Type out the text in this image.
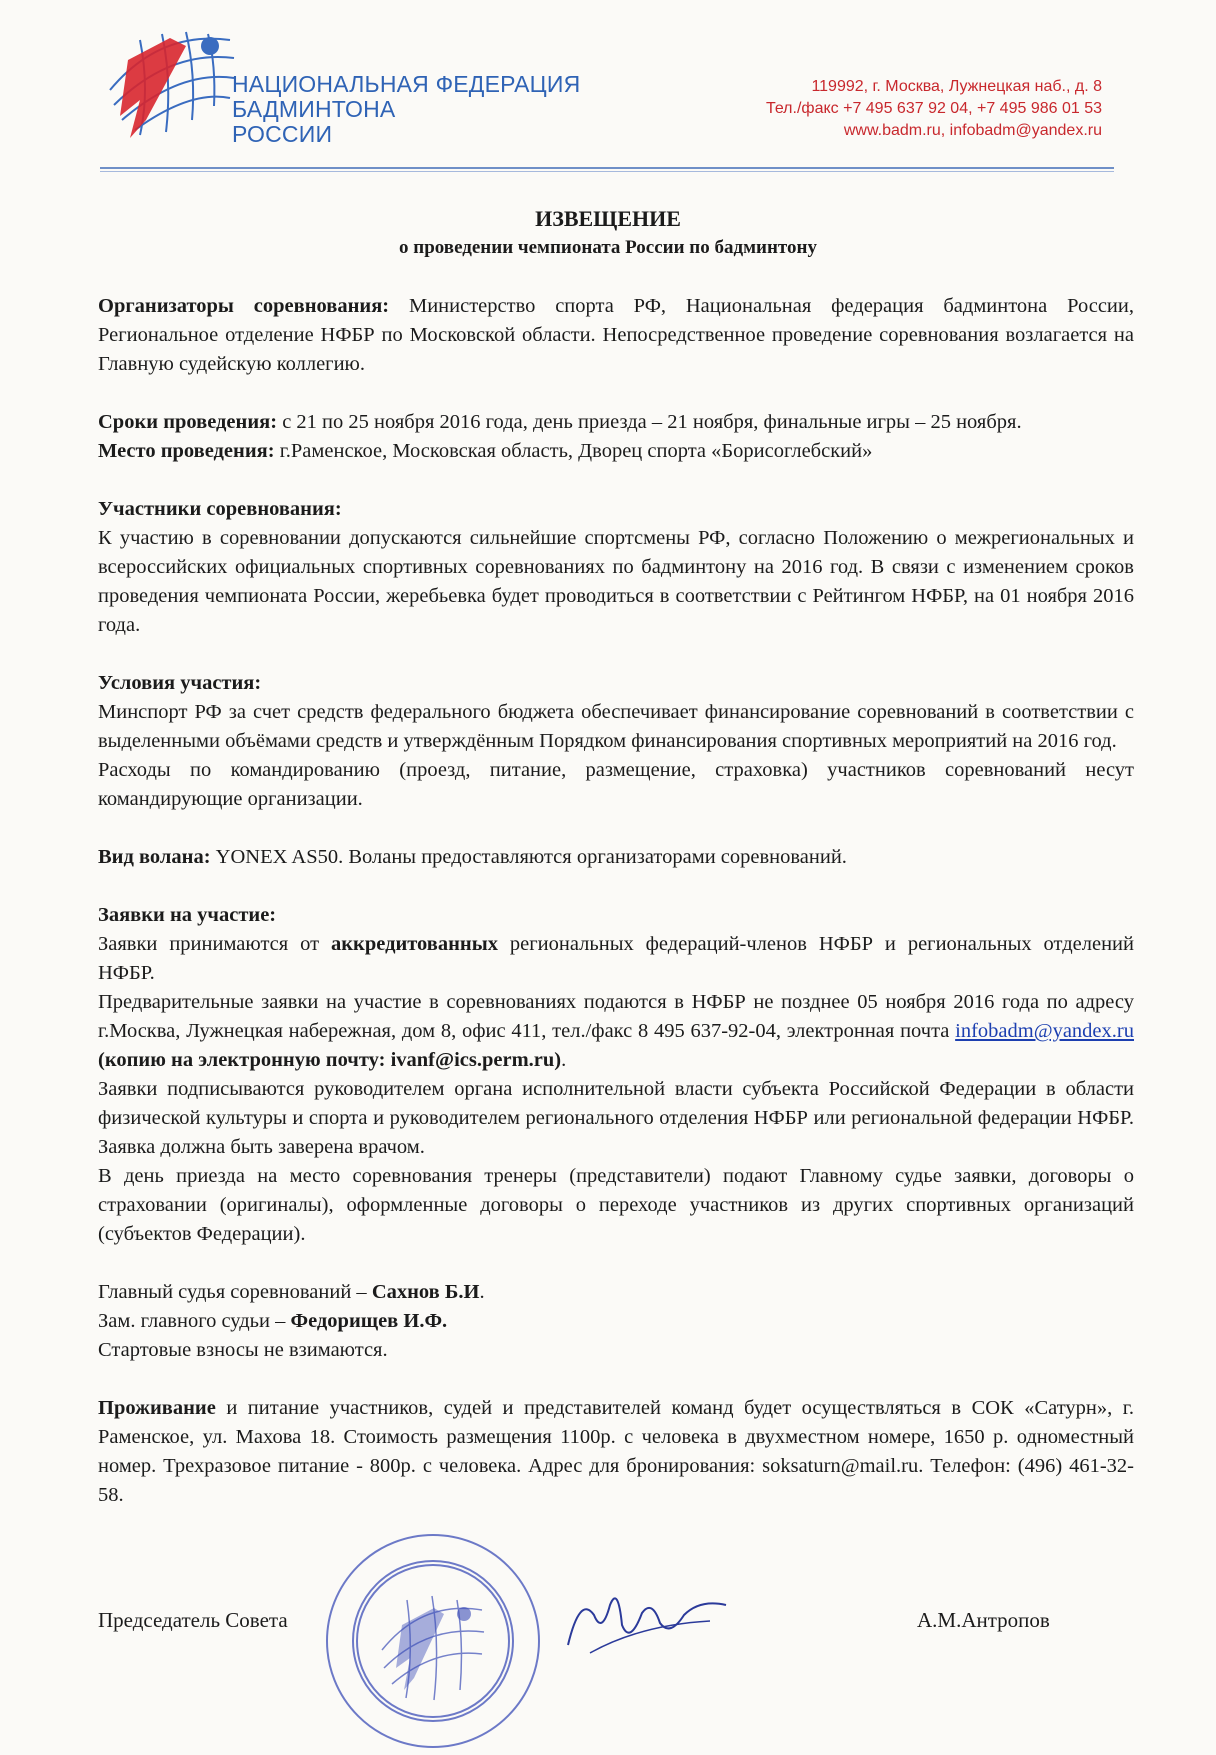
НАЦИОНАЛЬНАЯ ФЕДЕРАЦИЯ
БАДМИНТОНА
РОССИИ
119992, г. Москва, Лужнецкая наб., д. 8
Тел./факс +7 495 637 92 04, +7 495 986 01 53
www.badm.ru, infobadm@yandex.ru
ИЗВЕЩЕНИЕ
о проведении чемпионата России по бадминтону

Организаторы соревнования: Министерство спорта РФ, Национальная федерация бадминтона России, Региональное отделение НФБР по Московской области. Непосредственное проведение соревнования возлагается на Главную судейскую коллегию.

Сроки проведения: с 21 по 25 ноября 2016 года, день приезда – 21 ноября, финальные игры – 25 ноября.

Место проведения: г.Раменское, Московская область, Дворец спорта «Борисоглебский»

Участники соревнования:

К участию в соревновании допускаются сильнейшие спортсмены РФ, согласно Положению о межрегиональных и всероссийских официальных спортивных соревнованиях по бадминтону на 2016 год. В связи с изменением сроков проведения чемпионата России, жеребьевка будет проводиться в соответствии с Рейтингом НФБР, на 01 ноября 2016 года.

Условия участия:

Минспорт РФ за счет средств федерального бюджета обеспечивает финансирование соревнований в соответствии с выделенными объёмами средств и утверждённым Порядком финансирования спортивных мероприятий на 2016 год.

Расходы по командированию (проезд, питание, размещение, страховка) участников соревнований несут командирующие организации.

Вид волана: YONEX AS50. Воланы предоставляются организаторами соревнований.

Заявки на участие:

Заявки принимаются от аккредитованных региональных федераций-членов НФБР и региональных отделений НФБР.

Предварительные заявки на участие в соревнованиях подаются в НФБР не позднее 05 ноября 2016 года по адресу г.Москва, Лужнецкая набережная, дом 8, офис 411, тел./факс 8 495 637-92-04, электронная почта infobadm@yandex.ru (копию на электронную почту: ivanf@ics.perm.ru).

Заявки подписываются руководителем органа исполнительной власти субъекта Российской Федерации в области физической культуры и спорта и руководителем регионального отделения НФБР или региональной федерации НФБР. Заявка должна быть заверена врачом.

В день приезда на место соревнования тренеры (представители) подают Главному судье заявки, договоры о страховании (оригиналы), оформленные договоры о переходе участников из других спортивных организаций (субъектов Федерации).

Главный судья соревнований – Сахнов Б.И.

Зам. главного судьи – Федорищев И.Ф.

Стартовые взносы не взимаются.

Проживание и питание участников, судей и представителей команд будет осуществляться в СОК «Сатурн», г. Раменское, ул. Махова 18. Стоимость размещения 1100р. с человека в двухместном номере, 1650 р. одноместный номер. Трехразовое питание - 800р. с человека. Адрес для бронирования: soksaturn@mail.ru. Телефон: (496) 461-32-58.

Председатель Совета	А.М.Антропов
